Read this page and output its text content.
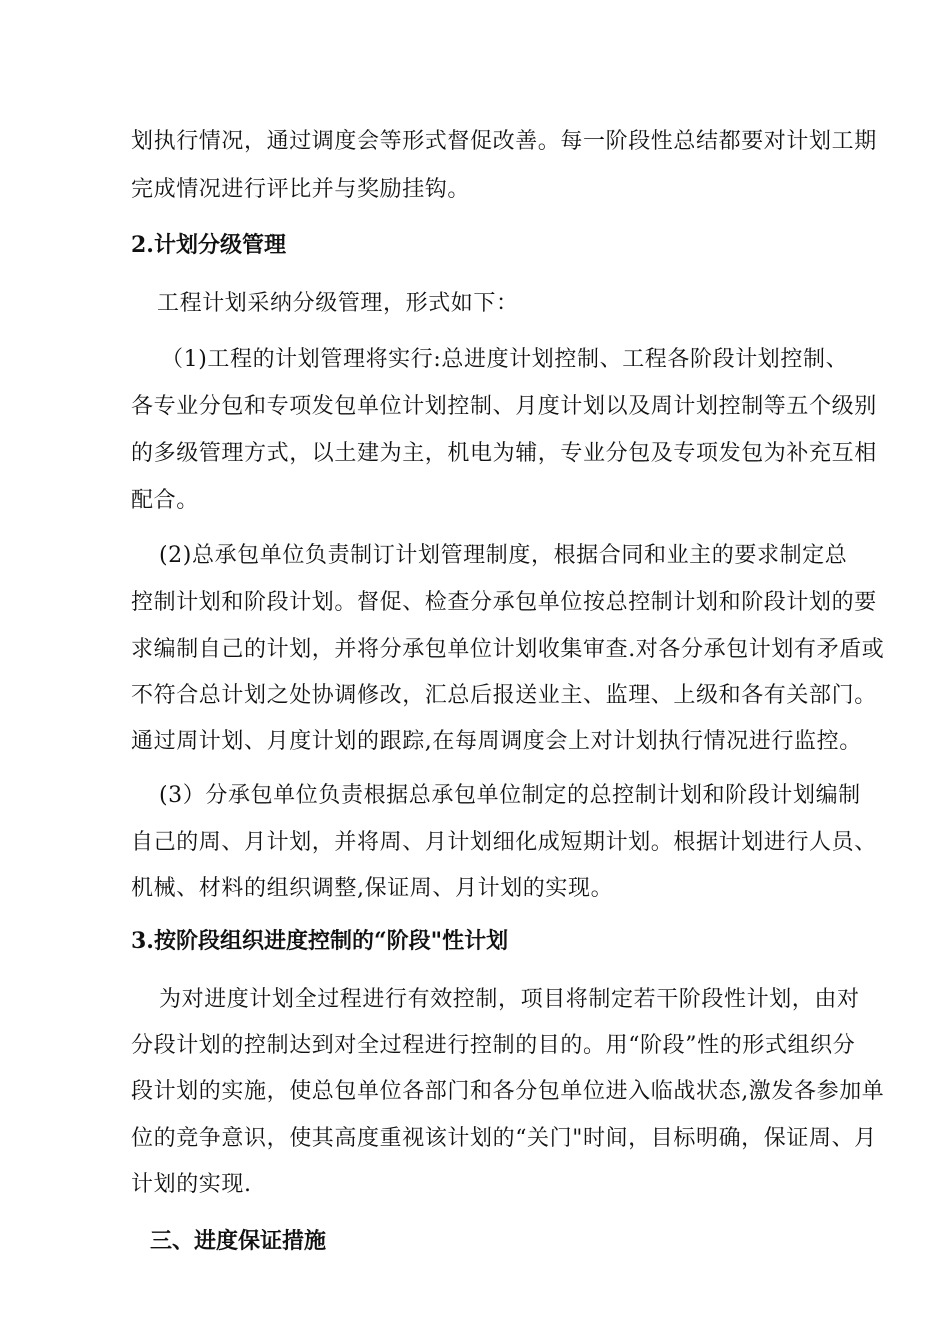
划执行情况，通过调度会等形式督促改善。每一阶段性总结都要对计划工期
完成情况进行评比并与奖励挂钩。
2.计划分级管理
工程计划采纳分级管理，形式如下：
（1)工程的计划管理将实行:总进度计划控制、工程各阶段计划控制、
各专业分包和专项发包单位计划控制、月度计划以及周计划控制等五个级别
的多级管理方式，以土建为主，机电为辅，专业分包及专项发包为补充互相
配合。
(2)总承包单位负责制订计划管理制度，根据合同和业主的要求制定总
控制计划和阶段计划。督促、检查分承包单位按总控制计划和阶段计划的要
求编制自己的计划，并将分承包单位计划收集审查.对各分承包计划有矛盾或
不符合总计划之处协调修改，汇总后报送业主、监理、上级和各有关部门。
通过周计划、月度计划的跟踪,在每周调度会上对计划执行情况进行监控。
(3）分承包单位负责根据总承包单位制定的总控制计划和阶段计划编制
自己的周、月计划，并将周、月计划细化成短期计划。根据计划进行人员、
机械、材料的组织调整,保证周、月计划的实现。
3.按阶段组织进度控制的“阶段"性计划
为对进度计划全过程进行有效控制，项目将制定若干阶段性计划，由对
分段计划的控制达到对全过程进行控制的目的。用“阶段”性的形式组织分
段计划的实施，使总包单位各部门和各分包单位进入临战状态,激发各参加单
位的竞争意识，使其高度重视该计划的“关门"时间，目标明确，保证周、月
计划的实现.
三、进度保证措施
